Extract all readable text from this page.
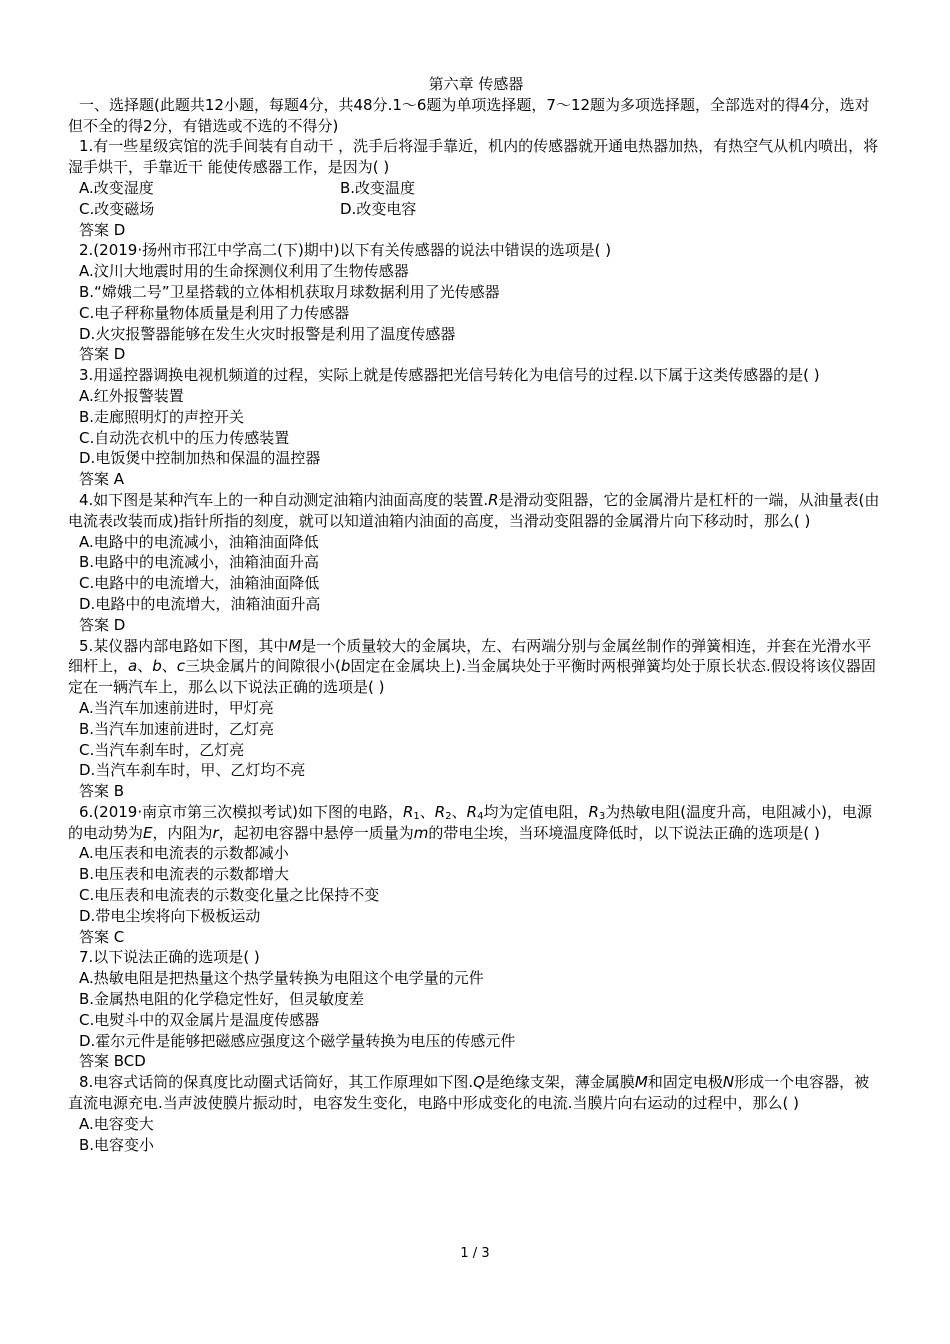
第六章 传感器

一、选择题(此题共12小题，每题4分，共48分.1～6题为单项选择题，7～12题为多项选择题，全部选对的得4分，选对但不全的得2分，有错选或不选的不得分)

1.有一些星级宾馆的洗手间装有自动干 ，洗手后将湿手靠近，机内的传感器就开通电热器加热，有热空气从机内喷出，将湿手烘干，手靠近干 能使传感器工作，是因为( )

A.改变湿度	B.改变温度
C.改变磁场	D.改变电容

答案 D

2.(2019·扬州市邗江中学高二(下)期中)以下有关传感器的说法中错误的选项是( )

A.汶川大地震时用的生命探测仪利用了生物传感器

B.“嫦娥二号”卫星搭载的立体相机获取月球数据利用了光传感器

C.电子秤称量物体质量是利用了力传感器

D.火灾报警器能够在发生火灾时报警是利用了温度传感器

答案 D

3.用遥控器调换电视机频道的过程，实际上就是传感器把光信号转化为电信号的过程.以下属于这类传感器的是( )

A.红外报警装置

B.走廊照明灯的声控开关

C.自动洗衣机中的压力传感装置

D.电饭煲中控制加热和保温的温控器

答案 A

4.如下图是某种汽车上的一种自动测定油箱内油面高度的装置.R是滑动变阻器，它的金属滑片是杠杆的一端，从油量表(由电流表改装而成)指针所指的刻度，就可以知道油箱内油面的高度，当滑动变阻器的金属滑片向下移动时，那么( )

A.电路中的电流减小，油箱油面降低

B.电路中的电流减小，油箱油面升高

C.电路中的电流增大，油箱油面降低

D.电路中的电流增大，油箱油面升高

答案 D

5.某仪器内部电路如下图，其中M是一个质量较大的金属块，左、右两端分别与金属丝制作的弹簧相连，并套在光滑水平细杆上，a、b、c三块金属片的间隙很小(b固定在金属块上).当金属块处于平衡时两根弹簧均处于原长状态.假设将该仪器固定在一辆汽车上，那么以下说法正确的选项是( )

A.当汽车加速前进时，甲灯亮

B.当汽车加速前进时，乙灯亮

C.当汽车刹车时，乙灯亮

D.当汽车刹车时，甲、乙灯均不亮

答案 B

6.(2019·南京市第三次模拟考试)如下图的电路，$R_1$、$R_2$、$R_4$均为定值电阻，$R_3$为热敏电阻(温度升高，电阻减小)，电源的电动势为E，内阻为r，起初电容器中悬停一质量为m的带电尘埃，当环境温度降低时，以下说法正确的选项是( )

A.电压表和电流表的示数都减小

B.电压表和电流表的示数都增大

C.电压表和电流表的示数变化量之比保持不变

D.带电尘埃将向下极板运动

答案 C

7.以下说法正确的选项是( )

A.热敏电阻是把热量这个热学量转换为电阻这个电学量的元件

B.金属热电阻的化学稳定性好，但灵敏度差

C.电熨斗中的双金属片是温度传感器

D.霍尔元件是能够把磁感应强度这个磁学量转换为电压的传感元件

答案 BCD

8.电容式话筒的保真度比动圈式话筒好，其工作原理如下图.Q是绝缘支架，薄金属膜M和固定电极N形成一个电容器，被直流电源充电.当声波使膜片振动时，电容发生变化，电路中形成变化的电流.当膜片向右运动的过程中，那么( )

A.电容变大

B.电容变小

1 / 3
